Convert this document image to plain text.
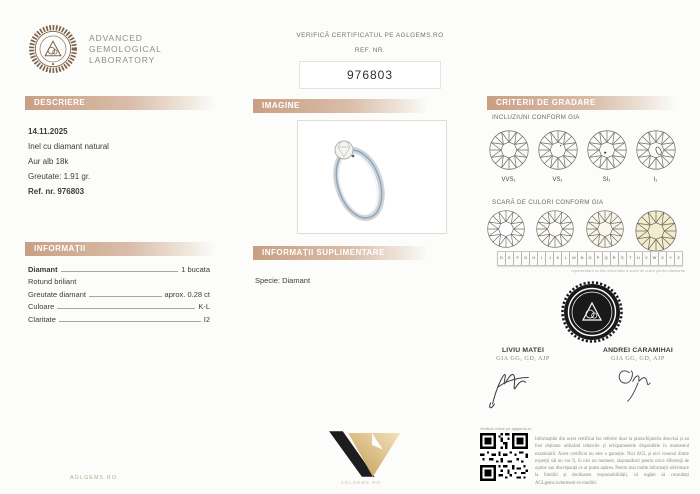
ADVANCED
GEMOLOGICAL
LABORATORY

VERIFICĂ CERTIFICATUL PE AGLGEMS.RO

REF. NR.

976803
DESCRIERE	IMAGINE	CRITERII DE GRADARE
INFORMAȚII	INFORMAȚII SUPLIMENTARE

14.11.2025

Inel cu diamant natural

Aur alb 18k

Greutate: 1.91 gr.

Ref. nr. 976803

Diamant	1 bucata
Rotund briliant
Greutate diamant	aprox. 0.28 ct
Culoare	K-L
Claritate	I2

Specie: Diamant

INCLUZIUNI CONFORM GIA
VVS₁	VS₁	SI₁	I₁
SCARĂ DE CULORI CONFORM GIA
D	E	F	G	H	I	J	K	L	M	N	O	P	Q	R	S	T	U	V	W	X	Y	Z
reprezentare cu titlu informativ a scării de culori pentru diamante

LIVIU MATEI

GIA GG, GD, AJP

ANDREI CARAMIHAI

GIA GG, GD, AJP

AGLGEMS.RO
AGLGEMS.RO
Verifică online pe aglgems.ro

Informațiile din acest certificat fac referire doar la piatra/bijuteria descrisă și au fost obținute utilizând tehnicile și echipamentele disponibile în momentul examinării. Acest certificat nu este o garanție. Nici AGL și nici vreunul dintre experții săi nu vor fi, în nici un moment, răspunzători pentru orice diferență de opinie sau discrepanță ce ar putea apărea. Pentru mai multe informații referitoare la limitări și declinarea responsabilității, vă rugăm să consultați AGLgems.ro/termeni-si-conditii.
